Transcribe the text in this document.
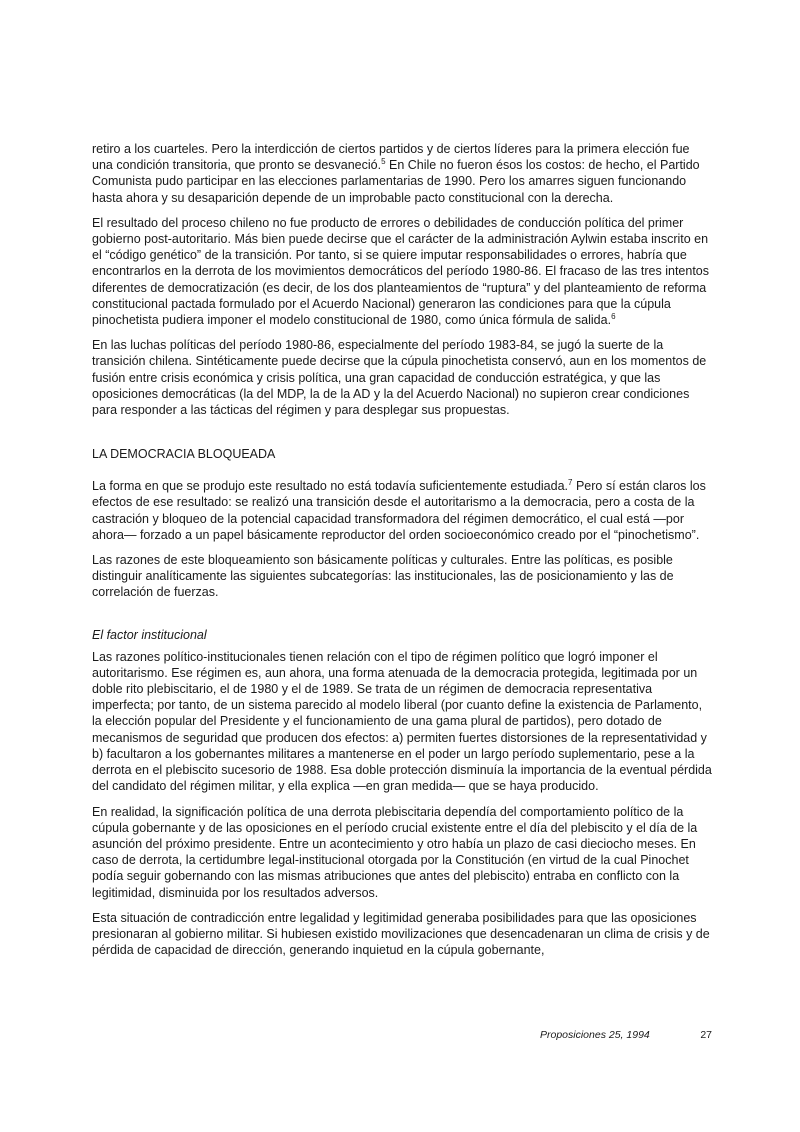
retiro a los cuarteles. Pero la interdicción de ciertos partidos y de ciertos líderes para la primera elección fue una condición transitoria, que pronto se desvaneció.$^5$ En Chile no fueron ésos los costos: de hecho, el Partido Comunista pudo participar en las elecciones parlamentarias de 1990. Pero los amarres siguen funcionando hasta ahora y su desaparición depende de un improbable pacto constitucional con la derecha.

El resultado del proceso chileno no fue producto de errores o debilidades de conducción política del primer gobierno post-autoritario. Más bien puede decirse que el carácter de la administración Aylwin estaba inscrito en el “código genético” de la transición. Por tanto, si se quiere imputar responsabilidades o errores, habría que encontrarlos en la derrota de los movimientos democráticos del período 1980-86. El fracaso de las tres intentos diferentes de democratización (es decir, de los dos planteamientos de “ruptura” y del planteamiento de reforma constitucional pactada formulado por el Acuerdo Nacional) generaron las condiciones para que la cúpula pinochetista pudiera imponer el modelo constitucional de 1980, como única fórmula de salida.$^6$

En las luchas políticas del período 1980-86, especialmente del período 1983-84, se jugó la suerte de la transición chilena. Sintéticamente puede decirse que la cúpula pinochetista conservó, aun en los momentos de fusión entre crisis económica y crisis política, una gran capacidad de conducción estratégica, y que las oposiciones democráticas (la del MDP, la de la AD y la del Acuerdo Nacional) no supieron crear condiciones para responder a las tácticas del régimen y para desplegar sus propuestas.

LA DEMOCRACIA BLOQUEADA

La forma en que se produjo este resultado no está todavía suficientemente estudiada.$^7$ Pero sí están claros los efectos de ese resultado: se realizó una transición desde el autoritarismo a la democracia, pero a costa de la castración y bloqueo de la potencial capacidad transformadora del régimen democrático, el cual está —por ahora— forzado a un papel básicamente reproductor del orden socioeconómico creado por el “pinochetismo”.

Las razones de este bloqueamiento son básicamente políticas y culturales. Entre las políticas, es posible distinguir analíticamente las siguientes subcategorías: las institucionales, las de posicionamiento y las de correlación de fuerzas.

El factor institucional

Las razones político-institucionales tienen relación con el tipo de régimen político que logró imponer el autoritarismo. Ese régimen es, aun ahora, una forma atenuada de la democracia protegida, legitimada por un doble rito plebiscitario, el de 1980 y el de 1989. Se trata de un régimen de democracia representativa imperfecta; por tanto, de un sistema parecido al modelo liberal (por cuanto define la existencia de Parlamento, la elección popular del Presidente y el funcionamiento de una gama plural de partidos), pero dotado de mecanismos de seguridad que producen dos efectos: a) permiten fuertes distorsiones de la representatividad y b) facultaron a los gobernantes militares a mantenerse en el poder un largo período suplementario, pese a la derrota en el plebiscito sucesorio de 1988. Esa doble protección disminuía la importancia de la eventual pérdida del candidato del régimen militar, y ella explica —en gran medida— que se haya producido.

En realidad, la significación política de una derrota plebiscitaria dependía del comportamiento político de la cúpula gobernante y de las oposiciones en el período crucial existente entre el día del plebiscito y el día de la asunción del próximo presidente. Entre un acontecimiento y otro había un plazo de casi dieciocho meses. En caso de derrota, la certidumbre legal-institucional otorgada por la Constitución (en virtud de la cual Pinochet podía seguir gobernando con las mismas atribuciones que antes del plebiscito) entraba en conflicto con la legitimidad, disminuida por los resultados adversos.

Esta situación de contradicción entre legalidad y legitimidad generaba posibilidades para que las oposiciones presionaran al gobierno militar. Si hubiesen existido movilizaciones que desencadenaran un clima de crisis y de pérdida de capacidad de dirección, generando inquietud en la cúpula gobernante,

Proposiciones 25, 1994	27
